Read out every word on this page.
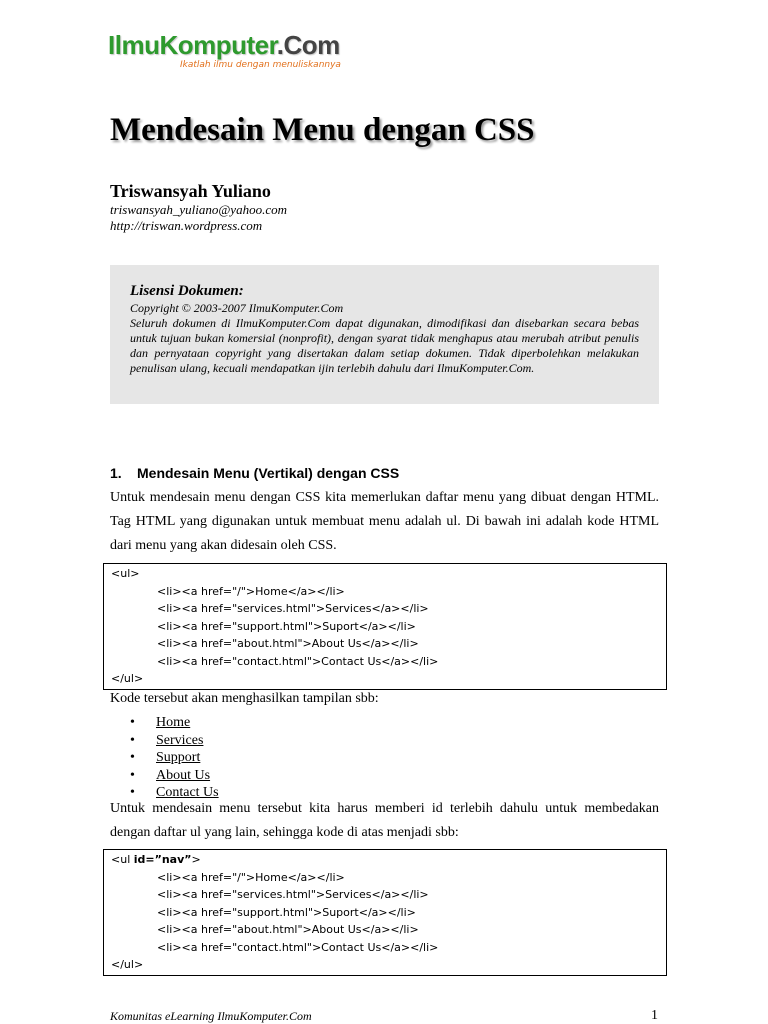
IlmuKomputer.Com
Ikatlah ilmu dengan menuliskannya
Mendesain Menu dengan CSS
Triswansyah Yuliano
triswansyah_yuliano@yahoo.com
http://triswan.wordpress.com
Lisensi Dokumen:
Copyright © 2003-2007 IlmuKomputer.Com
Seluruh dokumen di IlmuKomputer.Com dapat digunakan, dimodifikasi dan disebarkan secara bebas untuk tujuan bukan komersial (nonprofit), dengan syarat tidak menghapus atau merubah atribut penulis dan pernyataan copyright yang disertakan dalam setiap dokumen. Tidak diperbolehkan melakukan penulisan ulang, kecuali mendapatkan ijin terlebih dahulu dari IlmuKomputer.Com.
1. Mendesain Menu (Vertikal) dengan CSS

Untuk mendesain menu dengan CSS kita memerlukan daftar menu yang dibuat dengan HTML. Tag HTML yang digunakan untuk membuat menu adalah ul. Di bawah ini adalah kode HTML dari menu yang akan didesain oleh CSS.

<ul>
<li><a href="/">Home</a></li>
<li><a href="services.html">Services</a></li>
<li><a href="support.html">Suport</a></li>
<li><a href="about.html">About Us</a></li>
<li><a href="contact.html">Contact Us</a></li>
</ul>
Kode tersebut akan menghasilkan tampilan sbb:
• Home
• Services
• Support
• About Us
• Contact Us

Untuk mendesain menu tersebut kita harus memberi id terlebih dahulu untuk membedakan dengan daftar ul yang lain, sehingga kode di atas menjadi sbb:

<ul id=”nav”>
<li><a href="/">Home</a></li>
<li><a href="services.html">Services</a></li>
<li><a href="support.html">Suport</a></li>
<li><a href="about.html">About Us</a></li>
<li><a href="contact.html">Contact Us</a></li>
</ul>
Komunitas eLearning IlmuKomputer.Com	1
